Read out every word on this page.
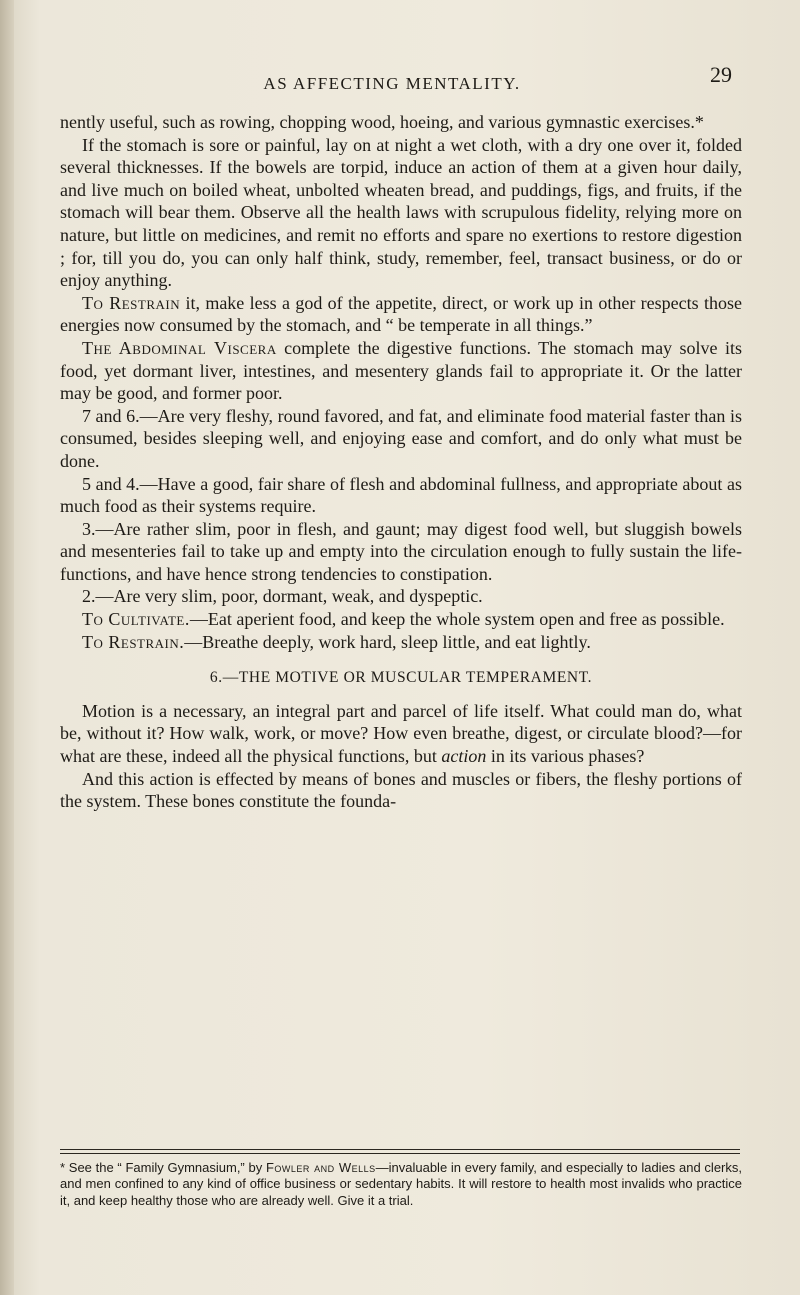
AS AFFECTING MENTALITY.	29

nently useful, such as rowing, chopping wood, hoeing, and various gymnastic exercises.*

If the stomach is sore or painful, lay on at night a wet cloth, with a dry one over it, folded several thicknesses. If the bowels are torpid, induce an action of them at a given hour daily, and live much on boiled wheat, unbolted wheaten bread, and puddings, figs, and fruits, if the stomach will bear them. Observe all the health laws with scrupulous fidelity, relying more on nature, but little on medicines, and remit no efforts and spare no exertions to restore digestion ; for, till you do, you can only half think, study, remember, feel, transact business, or do or enjoy anything.

To Restrain it, make less a god of the appetite, direct, or work up in other respects those energies now consumed by the stomach, and “ be temperate in all things.”

The Abdominal Viscera complete the digestive functions. The stomach may solve its food, yet dormant liver, intestines, and mesentery glands fail to appropriate it. Or the latter may be good, and former poor.

7 and 6.—Are very fleshy, round favored, and fat, and eliminate food material faster than is consumed, besides sleeping well, and enjoying ease and comfort, and do only what must be done.

5 and 4.—Have a good, fair share of flesh and abdominal fullness, and appropriate about as much food as their systems require.

3.—Are rather slim, poor in flesh, and gaunt; may digest food well, but sluggish bowels and mesenteries fail to take up and empty into the circulation enough to fully sustain the life-functions, and have hence strong tendencies to constipation.

2.—Are very slim, poor, dormant, weak, and dyspeptic.

To Cultivate.—Eat aperient food, and keep the whole system open and free as possible.

To Restrain.—Breathe deeply, work hard, sleep little, and eat lightly.

6.—THE MOTIVE OR MUSCULAR TEMPERAMENT.

Motion is a necessary, an integral part and parcel of life itself. What could man do, what be, without it? How walk, work, or move? How even breathe, digest, or circulate blood?—for what are these, indeed all the physical functions, but action in its various phases?

And this action is effected by means of bones and muscles or fibers, the fleshy portions of the system. These bones constitute the founda-

* See the “ Family Gymnasium,” by Fowler and Wells—invaluable in every family, and especially to ladies and clerks, and men confined to any kind of office business or sedentary habits. It will restore to health most invalids who practice it, and keep healthy those who are already well. Give it a trial.
